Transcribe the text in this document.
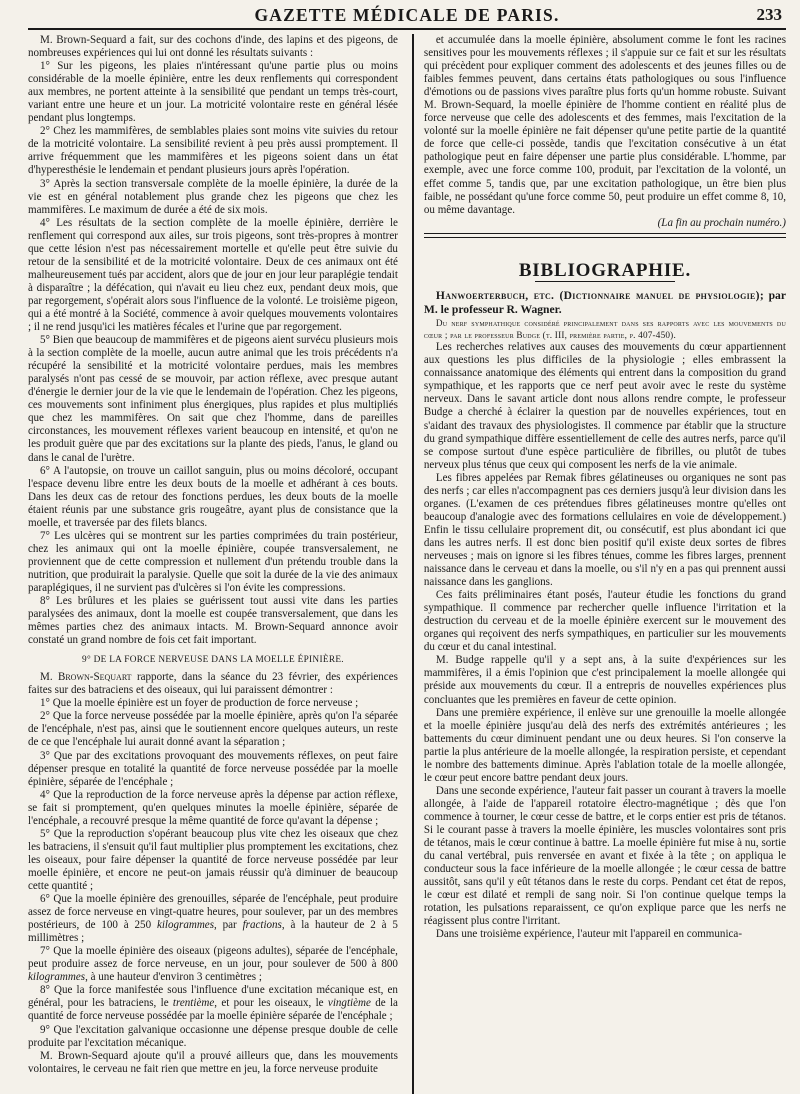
GAZETTE MÉDICALE DE PARIS.	233

M. Brown-Sequard a fait, sur des cochons d'inde, des lapins et des pigeons, de nombreuses expériences qui lui ont donné les résultats suivants :

1° Sur les pigeons, les plaies n'intéressant qu'une partie plus ou moins considérable de la moelle épinière, entre les deux renflements qui correspondent aux membres, ne portent atteinte à la sensibilité que pendant un temps très-court, variant entre une heure et un jour. La motricité volontaire reste en général lésée pendant plus longtemps.

2° Chez les mammifères, de semblables plaies sont moins vite suivies du retour de la motricité volontaire. La sensibilité revient à peu près aussi promptement. Il arrive fréquemment que les mammifères et les pigeons soient dans un état d'hyperesthésie le lendemain et pendant plusieurs jours après l'opération.

3° Après la section transversale complète de la moelle épinière, la durée de la vie est en général notablement plus grande chez les pigeons que chez les mammifères. Le maximum de durée a été de six mois.

4° Les résultats de la section complète de la moelle épinière, derrière le renflement qui correspond aux ailes, sur trois pigeons, sont très-propres à montrer que cette lésion n'est pas nécessairement mortelle et qu'elle peut être suivie du retour de la sensibilité et de la motricité volontaire. Deux de ces animaux ont été malheureusement tués par accident, alors que de jour en jour leur paraplégie tendait à disparaître ; la défécation, qui n'avait eu lieu chez eux, pendant deux mois, que par regorgement, s'opérait alors sous l'influence de la volonté. Le troisième pigeon, qui a été montré à la Société, commence à avoir quelques mouvements volontaires ; il ne rend jusqu'ici les matières fécales et l'urine que par regorgement.

5° Bien que beaucoup de mammifères et de pigeons aient survécu plusieurs mois à la section complète de la moelle, aucun autre animal que les trois précédents n'a récupéré la sensibilité et la motricité volontaire perdues, mais les membres paralysés n'ont pas cessé de se mouvoir, par action réflexe, avec presque autant d'énergie le dernier jour de la vie que le lendemain de l'opération. Chez les pigeons, ces mouvements sont infiniment plus énergiques, plus rapides et plus multipliés que chez les mammifères. On sait que chez l'homme, dans de pareilles circonstances, les mouvement réflexes varient beaucoup en intensité, et qu'on ne les produit guère que par des excitations sur la plante des pieds, l'anus, le gland ou dans le canal de l'urètre.

6° A l'autopsie, on trouve un caillot sanguin, plus ou moins décoloré, occupant l'espace devenu libre entre les deux bouts de la moelle et adhérant à ces bouts. Dans les deux cas de retour des fonctions perdues, les deux bouts de la moelle étaient réunis par une substance gris rougeâtre, ayant plus de consistance que la moelle, et traversée par des filets blancs.

7° Les ulcères qui se montrent sur les parties comprimées du train postérieur, chez les animaux qui ont la moelle épinière, coupée transversalement, ne proviennent que de cette compression et nullement d'un prétendu trouble dans la nutrition, que produirait la paralysie. Quelle que soit la durée de la vie des animaux paraplégiques, il ne survient pas d'ulcères si l'on évite les compressions.

8° Les brûlures et les plaies se guérissent tout aussi vite dans les parties paralysées des animaux, dont la moelle est coupée transversalement, que dans les mêmes parties chez des animaux intacts. M. Brown-Sequard annonce avoir constaté un grand nombre de fois cet fait important.

9° DE LA FORCE NERVEUSE DANS LA MOELLE ÉPINIÈRE.

M. Brown-Sequart rapporte, dans la séance du 23 février, des expériences faites sur des batraciens et des oiseaux, qui lui paraissent démontrer :

1° Que la moelle épinière est un foyer de production de force nerveuse ;

2° Que la force nerveuse possédée par la moelle épinière, après qu'on l'a séparée de l'encéphale, n'est pas, ainsi que le soutiennent encore quelques auteurs, un reste de ce que l'encéphale lui aurait donné avant la séparation ;

3° Que par des excitations provoquant des mouvements réflexes, on peut faire dépenser presque en totalité la quantité de force nerveuse possédée par la moelle épinière, séparée de l'encéphale ;

4° Que la reproduction de la force nerveuse après la dépense par action réflexe, se fait si promptement, qu'en quelques minutes la moelle épinière, séparée de l'encéphale, a recouvré presque la même quantité de force qu'avant la dépense ;

5° Que la reproduction s'opérant beaucoup plus vite chez les oiseaux que chez les batraciens, il s'ensuit qu'il faut multiplier plus promptement les excitations, chez les oiseaux, pour faire dépenser la quantité de force nerveuse possédée par leur moelle épinière, et encore ne peut-on jamais réussir qu'à diminuer de beaucoup cette quantité ;

6° Que la moelle épinière des grenouilles, séparée de l'encéphale, peut produire assez de force nerveuse en vingt-quatre heures, pour soulever, par un des membres postérieurs, de 100 à 250 kilogrammes, par fractions, à la hauteur de 2 à 5 millimètres ;

7° Que la moelle épinière des oiseaux (pigeons adultes), séparée de l'encéphale, peut produire assez de force nerveuse, en un jour, pour soulever de 500 à 800 kilogrammes, à une hauteur d'environ 3 centimètres ;

8° Que la force manifestée sous l'influence d'une excitation mécanique est, en général, pour les batraciens, le trentième, et pour les oiseaux, le vingtième de la quantité de force nerveuse possédée par la moelle épinière séparée de l'encéphale ;

9° Que l'excitation galvanique occasionne une dépense presque double de celle produite par l'excitation mécanique.

M. Brown-Sequard ajoute qu'il a prouvé ailleurs que, dans les mouvements volontaires, le cerveau ne fait rien que mettre en jeu, la force nerveuse produite

et accumulée dans la moelle épinière, absolument comme le font les racines sensitives pour les mouvements réflexes ; il s'appuie sur ce fait et sur les résultats qui précèdent pour expliquer comment des adolescents et des jeunes filles ou de faibles femmes peuvent, dans certains états pathologiques ou sous l'influence d'émotions ou de passions vives paraître plus forts qu'un homme robuste. Suivant M. Brown-Sequard, la moelle épinière de l'homme contient en réalité plus de force nerveuse que celle des adolescents et des femmes, mais l'excitation de la volonté sur la moelle épinière ne fait dépenser qu'une petite partie de la quantité de force que celle-ci possède, tandis que l'excitation consécutive à un état pathologique peut en faire dépenser une partie plus considérable. L'homme, par exemple, avec une force comme 100, produit, par l'excitation de la volonté, un effet comme 5, tandis que, par une excitation pathologique, un être bien plus faible, ne possédant qu'une force comme 50, peut produire un effet comme 8, 10, ou même davantage.

(La fin au prochain numéro.)

BIBLIOGRAPHIE.

Hanwoerterbuch, etc. (Dictionnaire manuel de physiologie); par M. le professeur R. Wagner.

Du nerf symphathique considéré principalement dans ses rapports avec les mouvements du cœur ; par le professeur Budge (t. III, première partie, p. 407-450).

Les recherches relatives aux causes des mouvements du cœur appartiennent aux questions les plus difficiles de la physiologie ; elles embrassent la connaissance anatomique des éléments qui entrent dans la composition du grand sympathique, et les rapports que ce nerf peut avoir avec le reste du système nerveux. Dans le savant article dont nous allons rendre compte, le professeur Budge a cherché à éclairer la question par de nouvelles expériences, tout en s'aidant des travaux des physiologistes. Il commence par établir que la structure du grand sympathique diffère essentiellement de celle des autres nerfs, parce qu'il se compose surtout d'une espèce particulière de fibrilles, ou plutôt de tubes nerveux plus ténus que ceux qui composent les nerfs de la vie animale.

Les fibres appelées par Remak fibres gélatineuses ou organiques ne sont pas des nerfs ; car elles n'accompagnent pas ces derniers jusqu'à leur division dans les organes. (L'examen de ces prétendues fibres gélatineuses montre qu'elles ont beaucoup d'analogie avec des formations cellulaires en voie de développement.) Enfin le tissu cellulaire proprement dit, ou consécutif, est plus abondant ici que dans les autres nerfs. Il est donc bien positif qu'il existe deux sortes de fibres nerveuses ; mais on ignore si les fibres ténues, comme les fibres larges, prennent naissance dans le cerveau et dans la moelle, ou s'il n'y en a pas qui prennent aussi naissance dans les ganglions.

Ces faits préliminaires étant posés, l'auteur étudie les fonctions du grand sympathique. Il commence par rechercher quelle influence l'irritation et la destruction du cerveau et de la moelle épinière exercent sur le mouvement des organes qui reçoivent des nerfs sympathiques, en particulier sur les mouvements du cœur et du canal intestinal.

M. Budge rappelle qu'il y a sept ans, à la suite d'expériences sur les mammifères, il a émis l'opinion que c'est principalement la moelle allongée qui préside aux mouvements du cœur. Il a entrepris de nouvelles expériences plus concluantes que les premières en faveur de cette opinion.

Dans une première expérience, il enlève sur une grenouille la moelle allongée et la moelle épinière jusqu'au delà des nerfs des extrémités antérieures ; les battements du cœur diminuent pendant une ou deux heures. Si l'on conserve la partie la plus antérieure de la moelle allongée, la respiration persiste, et cependant le nombre des battements diminue. Après l'ablation totale de la moelle allongée, le cœur peut encore battre pendant deux jours.

Dans une seconde expérience, l'auteur fait passer un courant à travers la moelle allongée, à l'aide de l'appareil rotatoire électro-magnétique ; dès que l'on commence à tourner, le cœur cesse de battre, et le corps entier est pris de tétanos. Si le courant passe à travers la moelle épinière, les muscles volontaires sont pris de tétanos, mais le cœur continue à battre. La moelle épinière fut mise à nu, sortie du canal vertébral, puis renversée en avant et fixée à la tête ; on appliqua le conducteur sous la face inférieure de la moelle allongée ; le cœur cessa de battre aussitôt, sans qu'il y eût tétanos dans le reste du corps. Pendant cet état de repos, le cœur est dilaté et rempli de sang noir. Si l'on continue quelque temps la rotation, les pulsations reparaissent, ce qu'on explique parce que les nerfs ne réagissent plus contre l'irritant.

Dans une troisième expérience, l'auteur mit l'appareil en communica-
